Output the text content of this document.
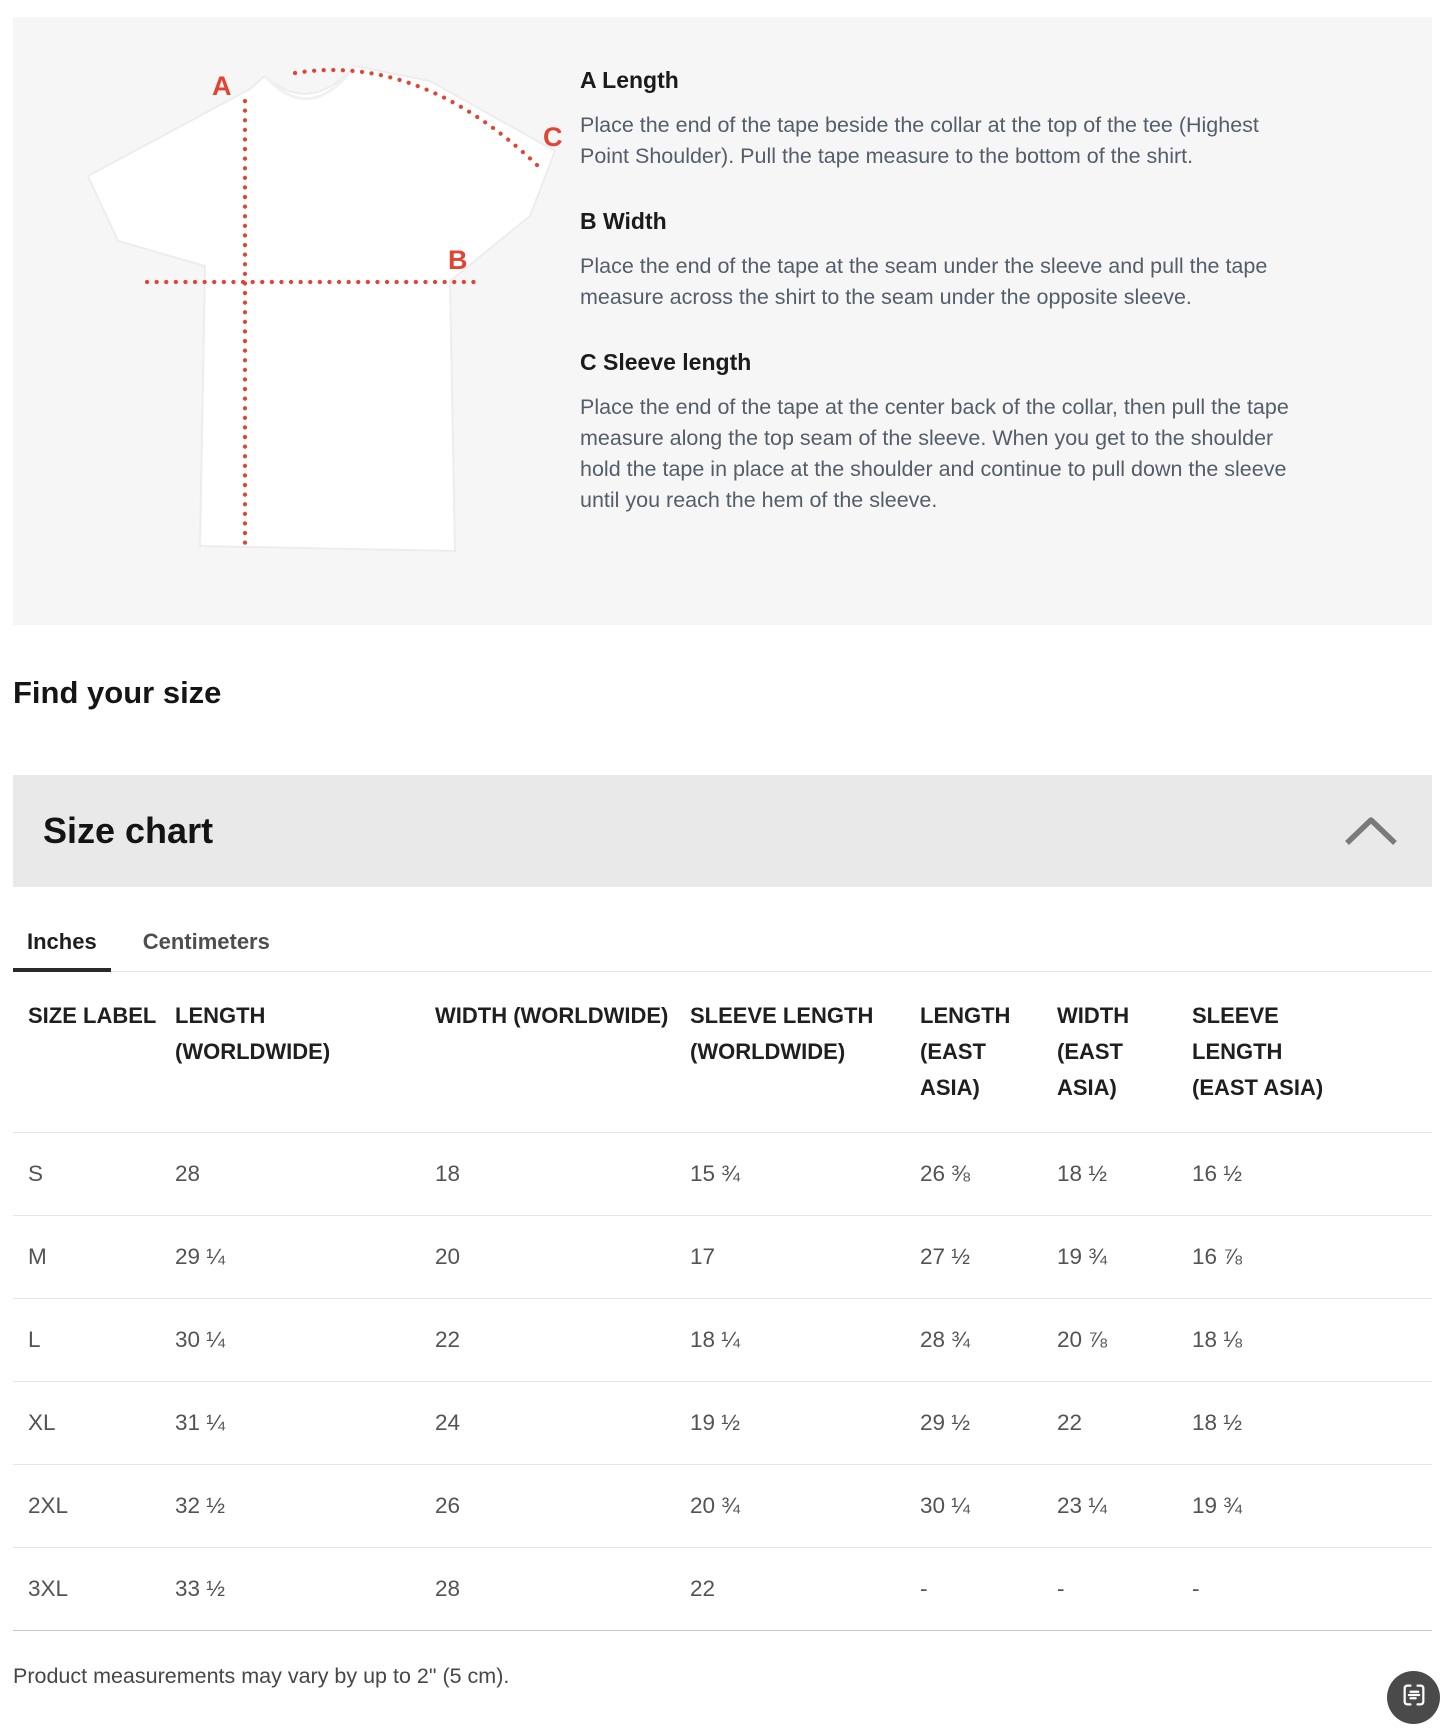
A
B
C
A Length

Place the end of the tape beside the collar at the top of the tee (Highest Point Shoulder). Pull the tape measure to the bottom of the shirt.

B Width

Place the end of the tape at the seam under the sleeve and pull the tape measure across the shirt to the seam under the opposite sleeve.

C Sleeve length

Place the end of the tape at the center back of the collar, then pull the tape measure along the top seam of the sleeve. When you get to the shoulder hold the tape in place at the shoulder and continue to pull down the sleeve until you reach the hem of the sleeve.

Find your size
Size chart
Inches	Centimeters
SIZE LABEL	LENGTH (WORLDWIDE)	WIDTH (WORLDWIDE)	SLEEVE LENGTH (WORLDWIDE)	LENGTH (EAST ASIA)	WIDTH (EAST ASIA)	SLEEVE LENGTH (EAST ASIA)
S	28	18	15 ¾	26 ⅜	18 ½	16 ½
M	29 ¼	20	17	27 ½	19 ¾	16 ⅞
L	30 ¼	22	18 ¼	28 ¾	20 ⅞	18 ⅛
XL	31 ¼	24	19 ½	29 ½	22	18 ½
2XL	32 ½	26	20 ¾	30 ¼	23 ¼	19 ¾
3XL	33 ½	28	22	-	-	-
Product measurements may vary by up to 2" (5 cm).
